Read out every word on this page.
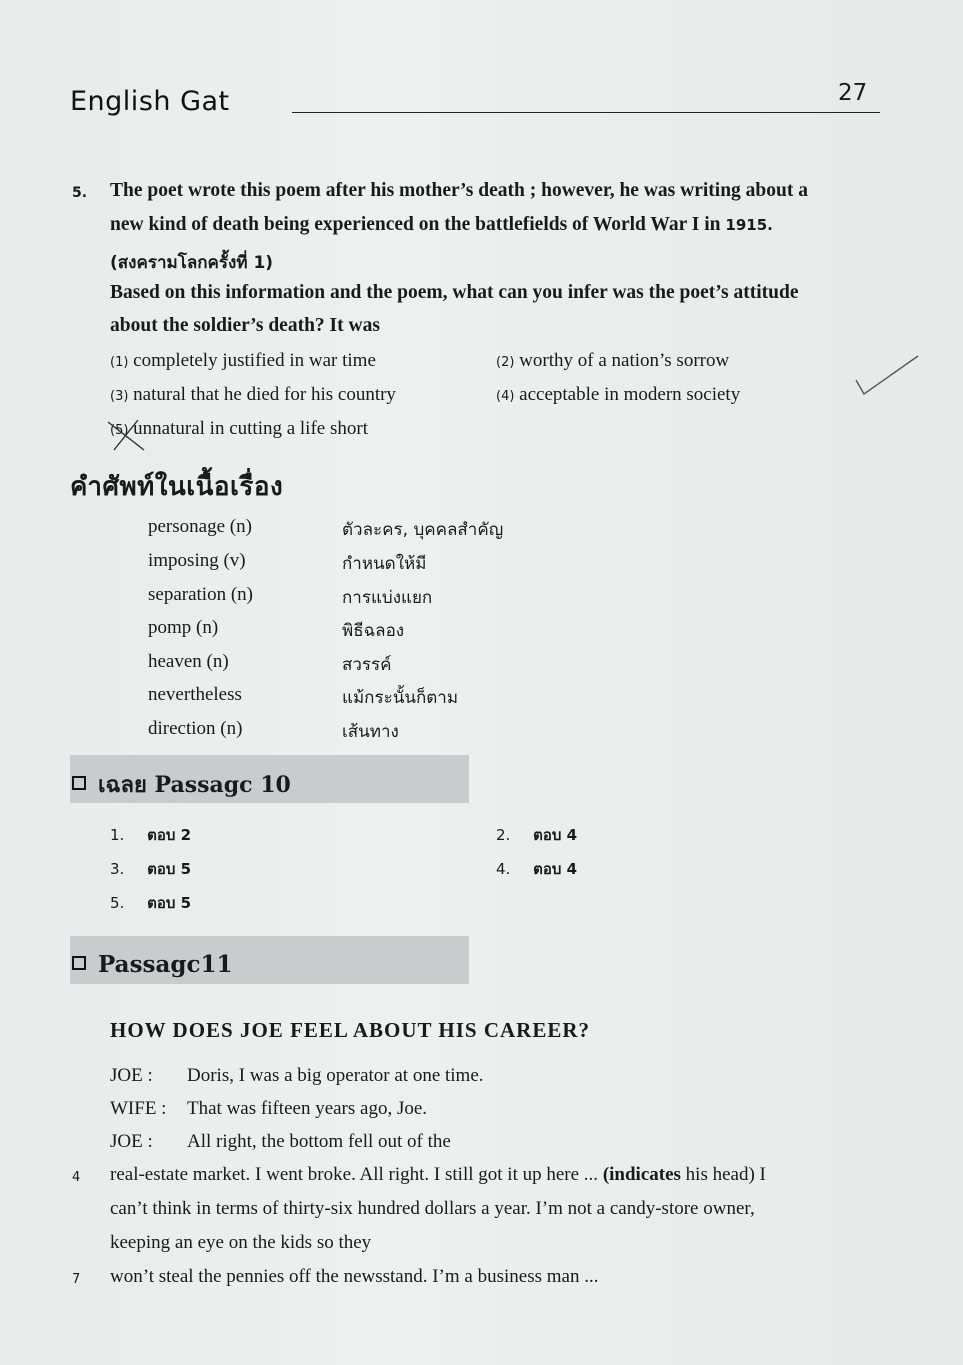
English Gat	27
5. The poet wrote this poem after his mother’s death ; however, he was writing about a
new kind of death being experienced on the battlefields of World War I in 1915.
(สงครามโลกครั้งที่ 1)
Based on this information and the poem, what can you infer was the poet’s attitude
about the soldier’s death? It was
(1) completely justified in war time	(2) worthy of a nation’s sorrow
(3) natural that he died for his country	(4) acceptable in modern society
(5) unnatural in cutting a life short
คำศัพท์ในเนื้อเรื่อง
personage (n)	ตัวละคร, บุคคลสำคัญ
imposing (v)	กำหนดให้มี
separation (n)	การแบ่งแยก
pomp (n)	พิธีฉลอง
heaven (n)	สวรรค์
nevertheless	แม้กระนั้นก็ตาม
direction (n)	เส้นทาง
เฉลย Passagc 10
1. ตอบ 2	2. ตอบ 4
3. ตอบ 5	4. ตอบ 4
5. ตอบ 5
Passagc11
HOW DOES JOE FEEL ABOUT HIS CAREER?
JOE : Doris, I was a big operator at one time.
WIFE : That was fifteen years ago, Joe.
JOE : All right, the bottom fell out of the
4 real-estate market. I went broke. All right. I still got it up here ... (indicates his head) I
can’t think in terms of thirty-six hundred dollars a year. I’m not a candy-store owner,
keeping an eye on the kids so they
7 won’t steal the pennies off the newsstand. I’m a business man ...
